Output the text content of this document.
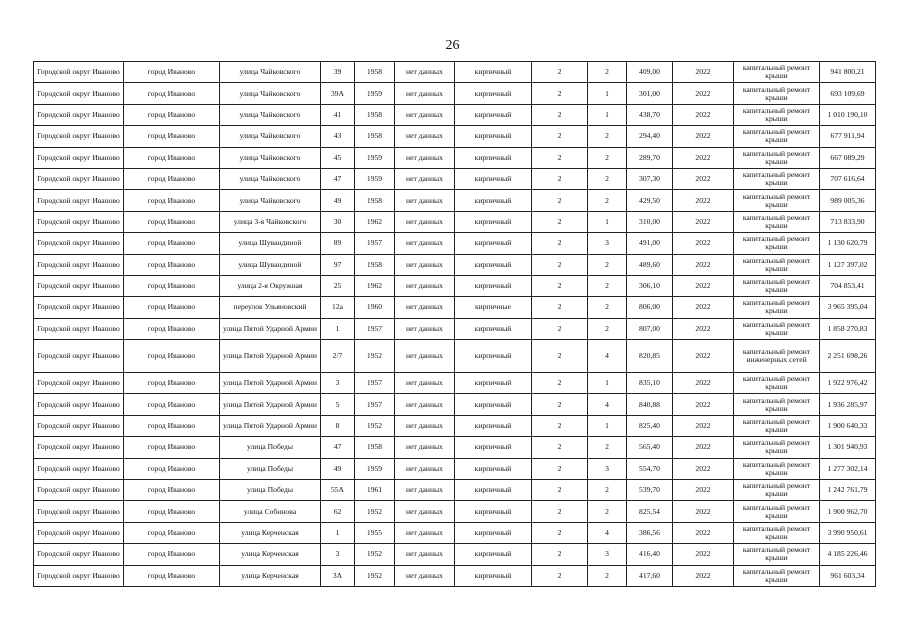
26
Городской округ Иваново	город Иваново	улица Чайковского	39	1958	нет данных	кирпичный	2	2	409,00	2022	капитальный ремонт крыши	941 800,21
Городской округ Иваново	город Иваново	улица Чайковского	39А	1959	нет данных	кирпичный	2	1	301,00	2022	капитальный ремонт крыши	693 109,69
Городской округ Иваново	город Иваново	улица Чайковского	41	1958	нет данных	кирпичный	2	1	438,70	2022	капитальный ремонт крыши	1 010 190,10
Городской округ Иваново	город Иваново	улица Чайковского	43	1958	нет данных	кирпичный	2	2	294,40	2022	капитальный ремонт крыши	677 911,94
Городской округ Иваново	город Иваново	улица Чайковского	45	1959	нет данных	кирпичный	2	2	289,70	2022	капитальный ремонт крыши	667 089,29
Городской округ Иваново	город Иваново	улица Чайковского	47	1959	нет данных	кирпичный	2	2	307,30	2022	капитальный ремонт крыши	707 616,64
Городской округ Иваново	город Иваново	улица Чайковского	49	1958	нет данных	кирпичный	2	2	429,50	2022	капитальный ремонт крыши	989 005,36
Городской округ Иваново	город Иваново	улица 3-я Чайковского	30	1962	нет данных	кирпичный	2	1	310,00	2022	капитальный ремонт крыши	713 833,90
Городской округ Иваново	город Иваново	улица Шувандиной	89	1957	нет данных	кирпичный	2	3	491,00	2022	капитальный ремонт крыши	1 130 620,79
Городской округ Иваново	город Иваново	улица Шувандиной	97	1958	нет данных	кирпичный	2	2	489,60	2022	капитальный ремонт крыши	1 127 397,02
Городской округ Иваново	город Иваново	улица 2-я Окружная	25	1962	нет данных	кирпичный	2	2	306,10	2022	капитальный ремонт крыши	704 853,41
Городской округ Иваново	город Иваново	переулок Ульяновский	12а	1960	нет данных	кирпичные	2	2	806,00	2022	капитальный ремонт крыши	3 965 395,04
Городской округ Иваново	город Иваново	улица Пятой Ударной Армии	1	1957	нет данных	кирпичный	2	2	807,00	2022	капитальный ремонт крыши	1 858 270,83
Городской округ Иваново	город Иваново	улица Пятой Ударной Армии	2/7	1952	нет данных	кирпичный	2	4	820,85	2022	капитальный ремонт инженерных сетей	2 251 698,26
Городской округ Иваново	город Иваново	улица Пятой Ударной Армии	3	1957	нет данных	кирпичный	2	1	835,10	2022	капитальный ремонт крыши	1 922 976,42
Городской округ Иваново	город Иваново	улица Пятой Ударной Армии	5	1957	нет данных	кирпичный	2	4	840,88	2022	капитальный ремонт крыши	1 936 285,97
Городской округ Иваново	город Иваново	улица Пятой Ударной Армии	8	1952	нет данных	кирпичный	2	1	825,40	2022	капитальный ремонт крыши	1 900 640,33
Городской округ Иваново	город Иваново	улица Победы	47	1958	нет данных	кирпичный	2	2	565,40	2022	капитальный ремонт крыши	1 301 940,93
Городской округ Иваново	город Иваново	улица Победы	49	1959	нет данных	кирпичный	2	3	554,70	2022	капитальный ремонт крыши	1 277 302,14
Городской округ Иваново	город Иваново	улица Победы	55А	1961	нет данных	кирпичный	2	2	539,70	2022	капитальный ремонт крыши	1 242 761,79
Городской округ Иваново	город Иваново	улица Собинова	62	1952	нет данных	кирпичный	2	2	825,54	2022	капитальный ремонт крыши	1 900 962,70
Городской округ Иваново	город Иваново	улица Керченская	1	1955	нет данных	кирпичный	2	4	386,56	2022	капитальный ремонт крыши	3 990 950,61
Городской округ Иваново	город Иваново	улица Керченская	3	1952	нет данных	кирпичный	2	3	416,40	2022	капитальный ремонт крыши	4 185 226,46
Городской округ Иваново	город Иваново	улица Керченская	3А	1952	нет данных	кирпичный	2	2	417,60	2022	капитальный ремонт крыши	961 603,34
